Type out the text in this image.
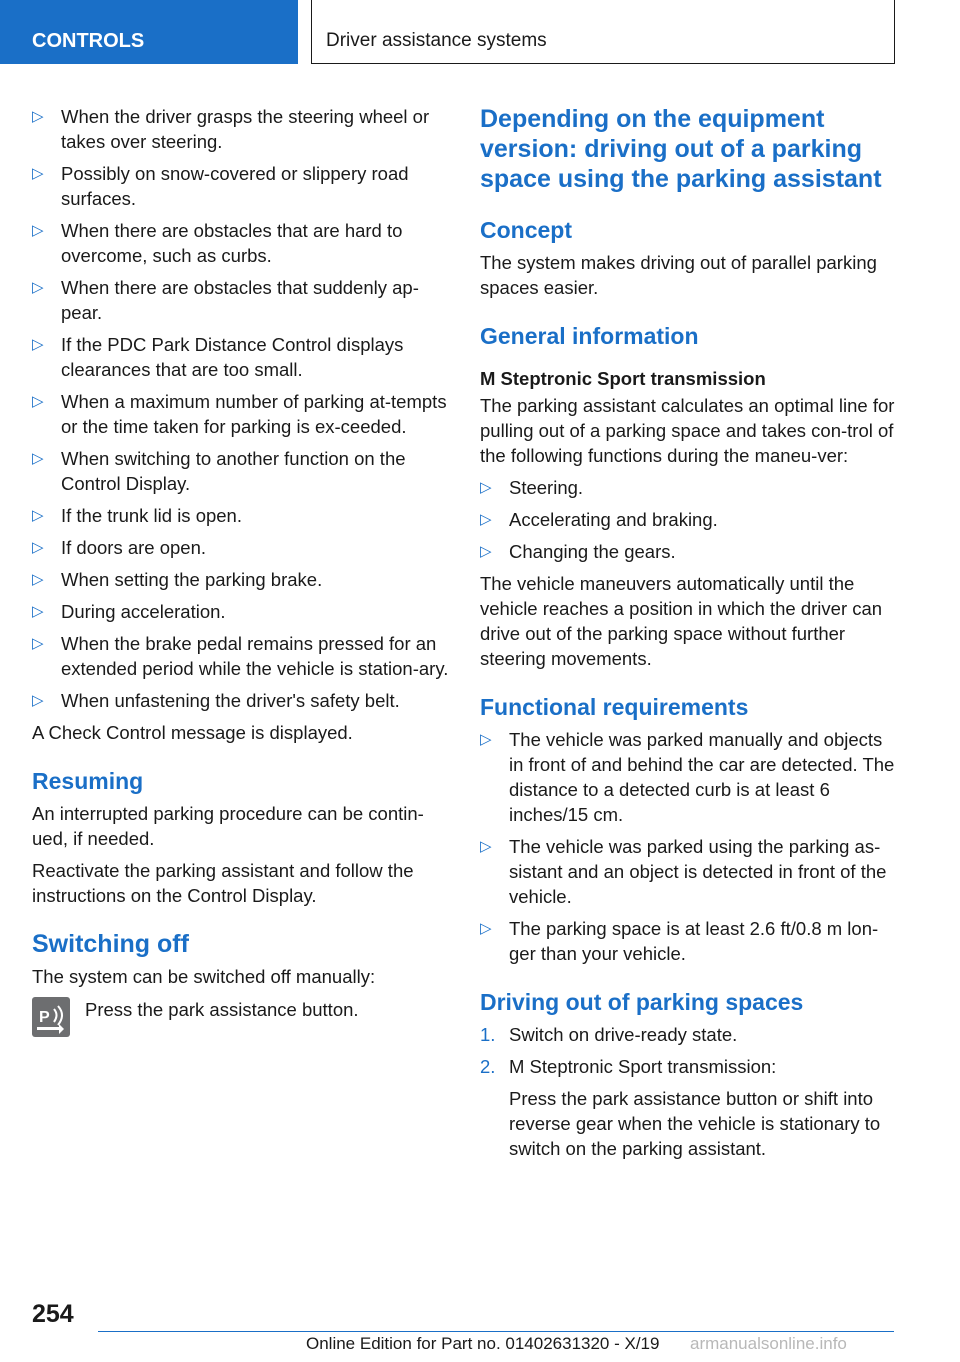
CONTROLS	Driver assistance systems
▷ When the driver grasps the steering wheel or takes over steering.
▷ Possibly on snow-covered or slippery road surfaces.
▷ When there are obstacles that are hard to overcome, such as curbs.
▷ When there are obstacles that suddenly ap‐pear.
▷ If the PDC Park Distance Control displays clearances that are too small.
▷ When a maximum number of parking at‐tempts or the time taken for parking is ex‐ceeded.
▷ When switching to another function on the Control Display.
▷ If the trunk lid is open.
▷ If doors are open.
▷ When setting the parking brake.
▷ During acceleration.
▷ When the brake pedal remains pressed for an extended period while the vehicle is station‐ary.
▷ When unfastening the driver's safety belt.

A Check Control message is displayed.

Resuming

An interrupted parking procedure can be contin‐ued, if needed.

Reactivate the parking assistant and follow the instructions on the Control Display.

Switching off

The system can be switched off manually:

P Press the park assistance button.
Depending on the equipment version: driving out of a parking space using the parking assistant
Concept

The system makes driving out of parallel parking spaces easier.

General information
M Steptronic Sport transmission

The parking assistant calculates an optimal line for pulling out of a parking space and takes con‐trol of the following functions during the maneu‐ver:

▷ Steering.
▷ Accelerating and braking.
▷ Changing the gears.

The vehicle maneuvers automatically until the vehicle reaches a position in which the driver can drive out of the parking space without further steering movements.

Functional requirements
▷ The vehicle was parked manually and objects in front of and behind the car are detected. The distance to a detected curb is at least 6 inches/15 cm.
▷ The vehicle was parked using the parking as‐sistant and an object is detected in front of the vehicle.
▷ The parking space is at least 2.6 ft/0.8 m lon‐ger than your vehicle.
Driving out of parking spaces
1. Switch on drive-ready state.
2. M Steptronic Sport transmission:

Press the park assistance button or shift into reverse gear when the vehicle is stationary to switch on the parking assistant.

254
Online Edition for Part no. 01402631320 - X/19 armanualsonline.info
